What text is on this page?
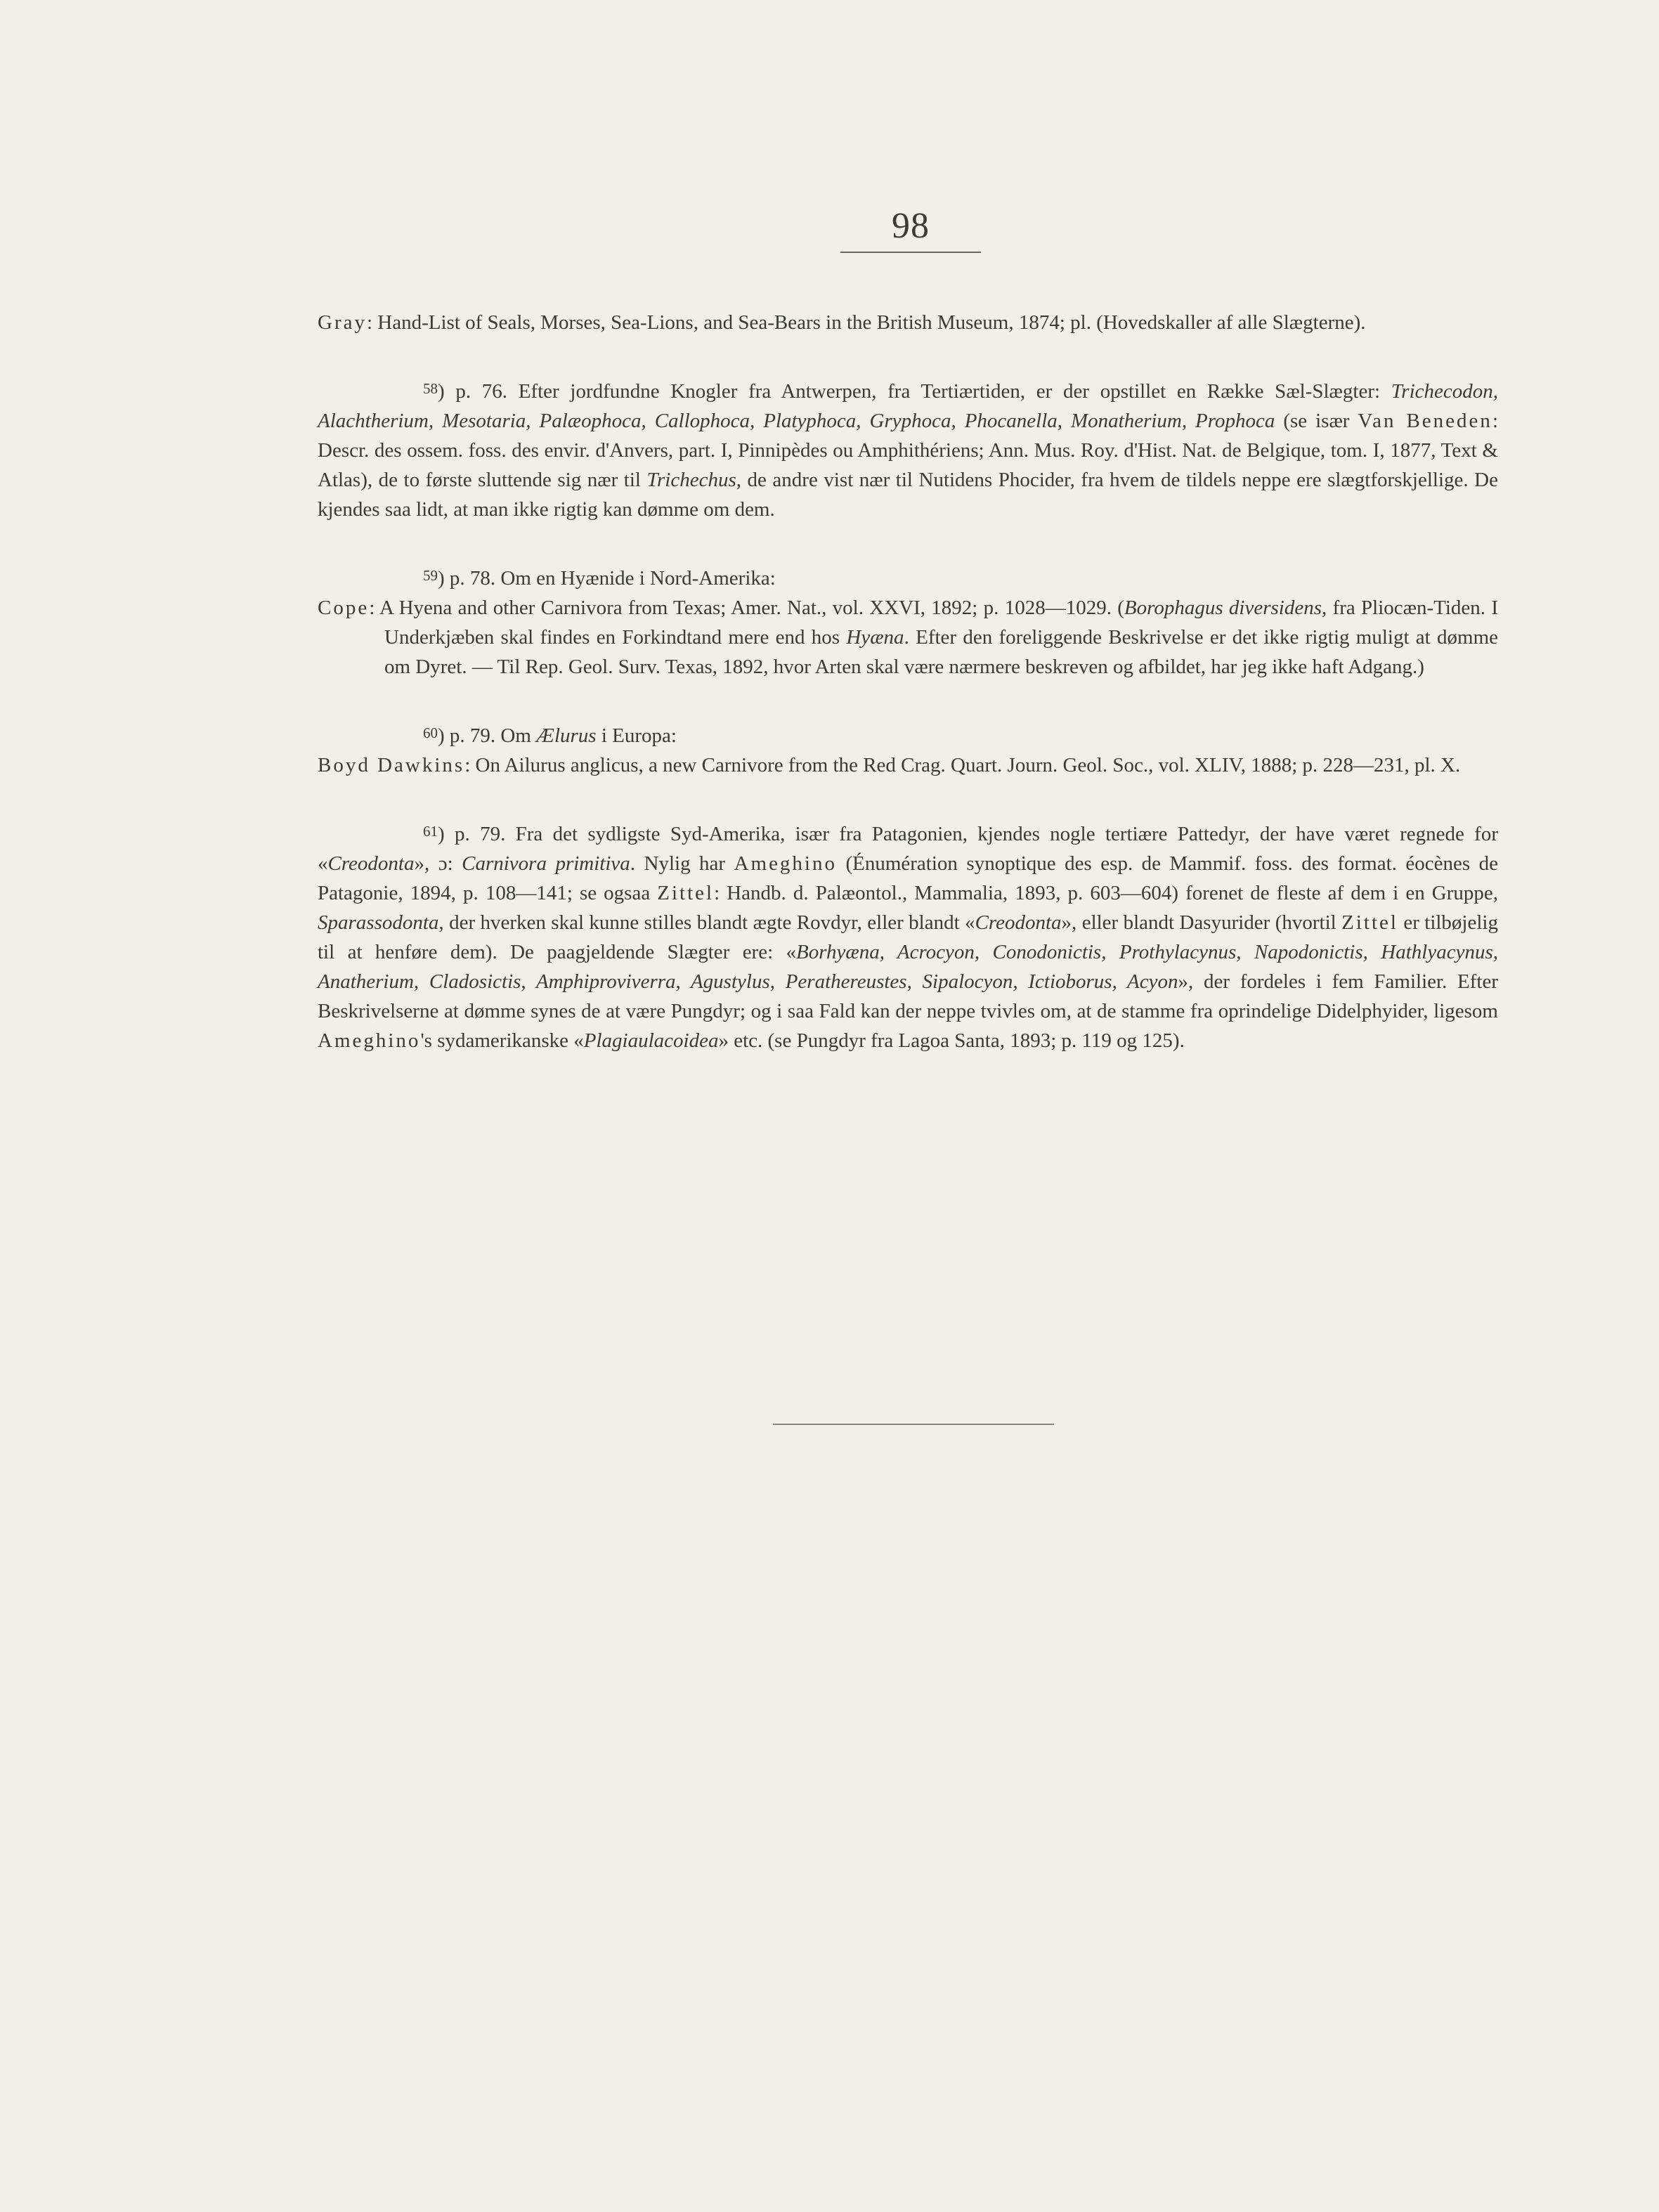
98

Gray: Hand-List of Seals, Morses, Sea-Lions, and Sea-Bears in the British Museum, 1874; pl. (Hovedskaller af alle Slægterne).

$^{58}$) p. 76. Efter jordfundne Knogler fra Antwerpen, fra Tertiærtiden, er der opstillet en Række Sæl-Slægter: Trichecodon, Alachtherium, Mesotaria, Palæophoca, Callophoca, Platyphoca, Gryphoca, Phocanella, Monatherium, Prophoca (se især Van Beneden: Descr. des ossem. foss. des envir. d'Anvers, part. I, Pinnipèdes ou Amphithériens; Ann. Mus. Roy. d'Hist. Nat. de Belgique, tom. I, 1877, Text & Atlas), de to første sluttende sig nær til Trichechus, de andre vist nær til Nutidens Phocider, fra hvem de tildels neppe ere slægtforskjellige. De kjendes saa lidt, at man ikke rigtig kan dømme om dem.

$^{59}$) p. 78. Om en Hyænide i Nord-Amerika:

Cope: A Hyena and other Carnivora from Texas; Amer. Nat., vol. XXVI, 1892; p. 1028—1029. (Borophagus diversidens, fra Pliocæn-Tiden. I Underkjæben skal findes en Forkindtand mere end hos Hyæna. Efter den foreliggende Beskrivelse er det ikke rigtig muligt at dømme om Dyret. — Til Rep. Geol. Surv. Texas, 1892, hvor Arten skal være nærmere beskreven og afbildet, har jeg ikke haft Adgang.)

$^{60}$) p. 79. Om Ælurus i Europa:

Boyd Dawkins: On Ailurus anglicus, a new Carnivore from the Red Crag. Quart. Journ. Geol. Soc., vol. XLIV, 1888; p. 228—231, pl. X.

$^{61}$) p. 79. Fra det sydligste Syd-Amerika, især fra Patagonien, kjendes nogle tertiære Pattedyr, der have været regnede for «Creodonta», ɔ: Carnivora primitiva. Nylig har Ameghino (Énumération synoptique des esp. de Mammif. foss. des format. éocènes de Patagonie, 1894, p. 108—141; se ogsaa Zittel: Handb. d. Palæontol., Mammalia, 1893, p. 603—604) forenet de fleste af dem i en Gruppe, Sparassodonta, der hverken skal kunne stilles blandt ægte Rovdyr, eller blandt «Creodonta», eller blandt Dasyurider (hvortil Zittel er tilbøjelig til at henføre dem). De paagjeldende Slægter ere: «Borhyæna, Acrocyon, Conodonictis, Prothylacynus, Napodonictis, Hathlyacynus, Anatherium, Cladosictis, Amphiproviverra, Agustylus, Perathereustes, Sipalocyon, Ictioborus, Acyon», der fordeles i fem Familier. Efter Beskrivelserne at dømme synes de at være Pungdyr; og i saa Fald kan der neppe tvivles om, at de stamme fra oprindelige Didelphyider, ligesom Ameghino's sydamerikanske «Plagiaulacoidea» etc. (se Pungdyr fra Lagoa Santa, 1893; p. 119 og 125).
